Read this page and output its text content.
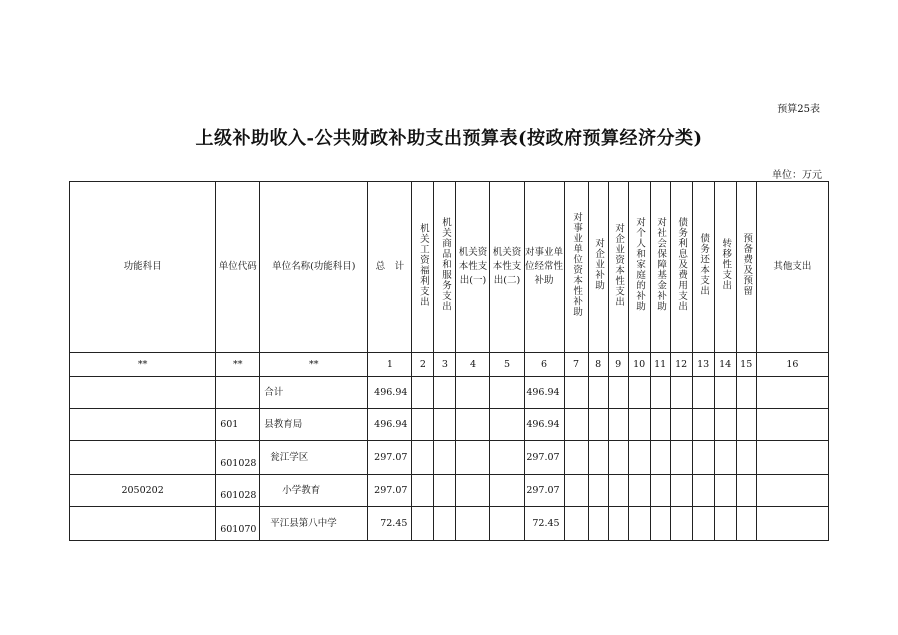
预算25表
上级补助收入-公共财政补助支出预算表(按政府预算经济分类)
单位：万元
功能科目	单位代码	单位名称(功能科目)	总　计	机关工资福利支出	机关商品和服务支出	机关资本性支出(一)	机关资本性支出(二)	对事业单位经常性补助	对事业单位资本性补助	对企业补助	对企业资本性支出	对个人和家庭的补助	对社会保障基金补助	债务利息及费用支出	债务还本支出	转移性支出	预备费及预留	其他支出
**	**	**	1	2	3	4	5	6	7	8	9	10	11	12	13	14	15	16
		合计	496.94					496.94										
	601	县教育局	496.94					496.94										
	601028	瓮江学区	297.07					297.07										
2050202	601028	小学教育	297.07					297.07										
	601070	平江县第八中学	72.45					72.45										
